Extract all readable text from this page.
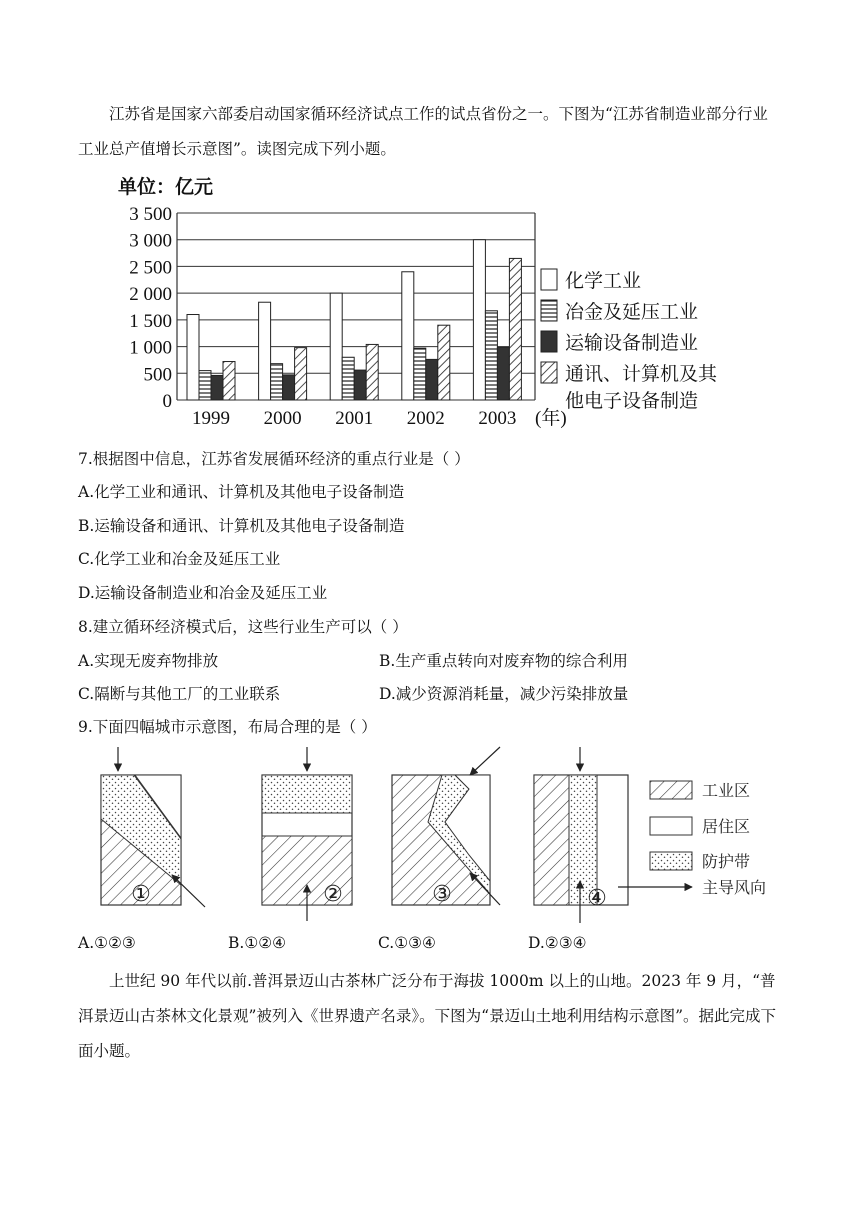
江苏省是国家六部委启动国家循环经济试点工作的试点省份之一。下图为“江苏省制造业部分行业工业总产值增长示意图”。读图完成下列小题。

单位：亿元
0
500
1 000
1 500
2 000
2 500
3 000
3 500
1999 2000 2001 2002 2003 (年)
化学工业
冶金及延压工业
运输设备制造业
通讯、计算机及其
他电子设备制造
7.根据图中信息，江苏省发展循环经济的重点行业是（ ）
A.化学工业和通讯、计算机及其他电子设备制造
B.运输设备和通讯、计算机及其他电子设备制造
C.化学工业和冶金及延压工业
D.运输设备制造业和冶金及延压工业
8.建立循环经济模式后，这些行业生产可以（ ）
A.实现无废弃物排放	B.生产重点转向对废弃物的综合利用
C.隔断与其他工厂的工业联系	D.减少资源消耗量，减少污染排放量
9.下面四幅城市示意图，布局合理的是（ ）
①	②	③	④
工业区
居住区
防护带
主导风向
A.①②③	B.①②④	C.①③④	D.②③④

上世纪 90 年代以前.普洱景迈山古茶林广泛分布于海拔 1000m 以上的山地。2023 年 9 月，“普洱景迈山古茶林文化景观”被列入《世界遗产名录》。下图为“景迈山土地利用结构示意图”。据此完成下面小题。
